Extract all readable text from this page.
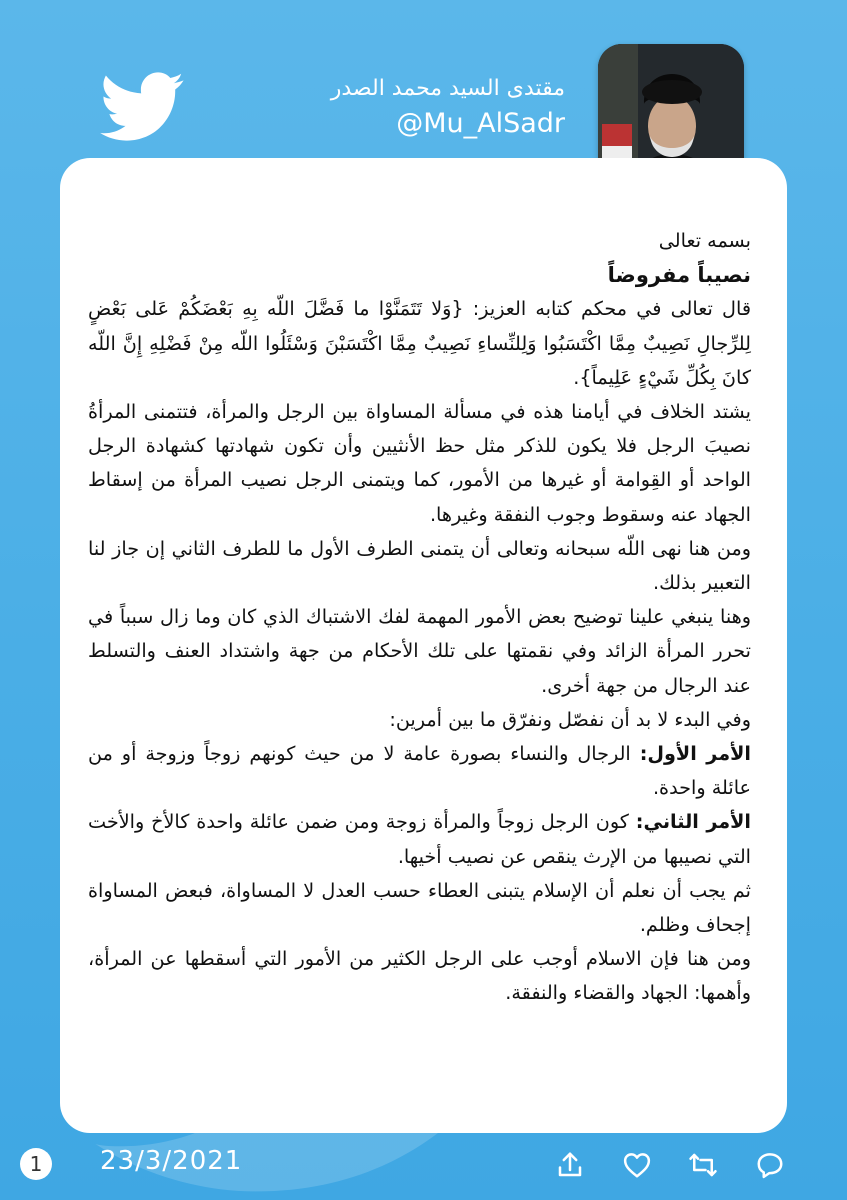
مقتدى السيد محمد الصدر
@Mu_AlSadr

بسمه تعالى

نصيباً مفروضاً

قال تعالى في محكم كتابه العزيز: {وَلا تَتَمَنَّوْا ما فَضَّلَ اللّه بِهِ بَعْضَكُمْ عَلى بَعْضٍ لِلرِّجالِ نَصِيبٌ مِمَّا اكْتَسَبُوا وَلِلنِّساءِ نَصِيبٌ مِمَّا اكْتَسَبْنَ وَسْئَلُوا اللّه مِنْ فَضْلِهِ إِنَّ اللّه كانَ بِكُلِّ شَيْءٍ عَلِيماً}.

يشتد الخلاف في أيامنا هذه في مسألة المساواة بين الرجل والمرأة، فتتمنى المرأةُ نصيبَ الرجل فلا يكون للذكر مثل حظ الأنثيين وأن تكون شهادتها كشهادة الرجل الواحد أو القِوامة أو غيرها من الأمور، كما ويتمنى الرجل نصيب المرأة من إسقاط الجهاد عنه وسقوط وجوب النفقة وغيرها.

ومن هنا نهى اللّه سبحانه وتعالى أن يتمنى الطرف الأول ما للطرف الثاني إن جاز لنا التعبير بذلك.

وهنا ينبغي علينا توضيح بعض الأمور المهمة لفك الاشتباك الذي كان وما زال سبباً في تحرر المرأة الزائد وفي نقمتها على تلك الأحكام من جهة واشتداد العنف والتسلط عند الرجال من جهة أخرى.

وفي البدء لا بد أن نفصّل ونفرّق ما بين أمرين:

الأمر الأول: الرجال والنساء بصورة عامة لا من حيث كونهم زوجاً وزوجة أو من عائلة واحدة.

الأمر الثاني: كون الرجل زوجاً والمرأة زوجة ومن ضمن عائلة واحدة كالأخ والأخت التي نصيبها من الإرث ينقص عن نصيب أخيها.

ثم يجب أن نعلم أن الإسلام يتبنى العطاء حسب العدل لا المساواة، فبعض المساواة إجحاف وظلم.

ومن هنا فإن الاسلام أوجب على الرجل الكثير من الأمور التي أسقطها عن المرأة، وأهمها: الجهاد والقضاء والنفقة.

1	23/3/2021
